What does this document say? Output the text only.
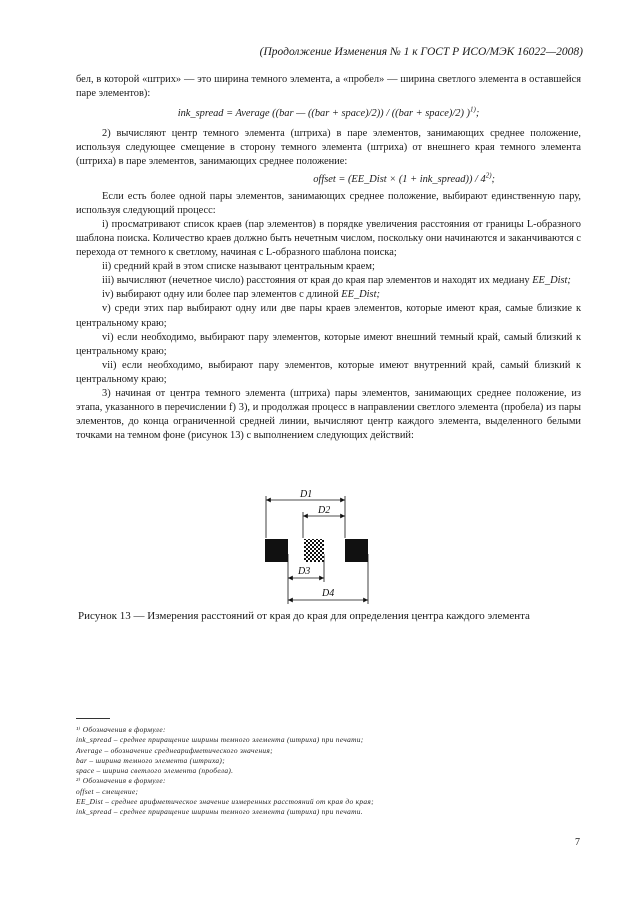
(Продолжение Изменения № 1 к ГОСТ Р ИСО/МЭК 16022—2008)

бел, в которой «штрих» — это ширина темного элемента, а «пробел» — ширина светлого элемента в оставшейся паре элементов):

ink_spread = Average ((bar — ((bar + space)/2)) / ((bar + space)/2) )$^{1)}$;

2) вычисляют центр темного элемента (штриха) в паре элементов, занимающих среднее положение, используя следующее смещение в сторону темного элемента (штриха) от внешнего края темного элемента (штриха) в паре элементов, занимающих среднее положение:

offset = (EE_Dist × (1 + ink_spread)) / 4$^{2)}$;

Если есть более одной пары элементов, занимающих среднее положение, выбирают единственную пару, используя следующий процесс:

i) просматривают список краев (пар элементов) в порядке увеличения расстояния от границы L-образного шаблона поиска. Количество краев должно быть нечетным числом, поскольку они начинаются и заканчиваются с перехода от темного к светлому, начиная с L-образного шаблона поиска;

ii) средний край в этом списке называют центральным краем;

iii) вычисляют (нечетное число) расстояния от края до края пар элементов и находят их медиану EE_Dist;

iv) выбирают одну или более пар элементов с длиной EE_Dist;

v) среди этих пар выбирают одну или две пары краев элементов, которые имеют края, самые близкие к центральному краю;

vi) если необходимо, выбирают пару элементов, которые имеют внешний темный край, самый близкий к центральному краю;

vii) если необходимо, выбирают пару элементов, которые имеют внутренний край, самый близкий к центральному краю;

3) начиная от центра темного элемента (штриха) пары элементов, занимающих среднее положение, из этапа, указанного в перечислении f) 3), и продолжая процесс в направлении светлого элемента (пробела) из пары элементов, до конца ограниченной средней линии, вычисляют центр каждого элемента, выделенного белыми точками на темном фоне (рисунок 13) с выполнением следующих действий:

D1
D2
D3
D4
Рисунок 13 — Измерения расстояний от края до края для определения центра каждого элемента
¹⁾ Обозначения в формуле:
ink_spread – среднее приращение ширины темного элемента (штриха) при печати;
Average – обозначение среднеарифметического значения;
bar – ширина темного элемента (штриха);
space – ширина светлого элемента (пробела).
²⁾ Обозначения в формуле:
offset – смещение;
EE_Dist – среднее арифметическое значение измеренных расстояний от края до края;
ink_spread – среднее приращение ширины темного элемента (штриха) при печати.
7
